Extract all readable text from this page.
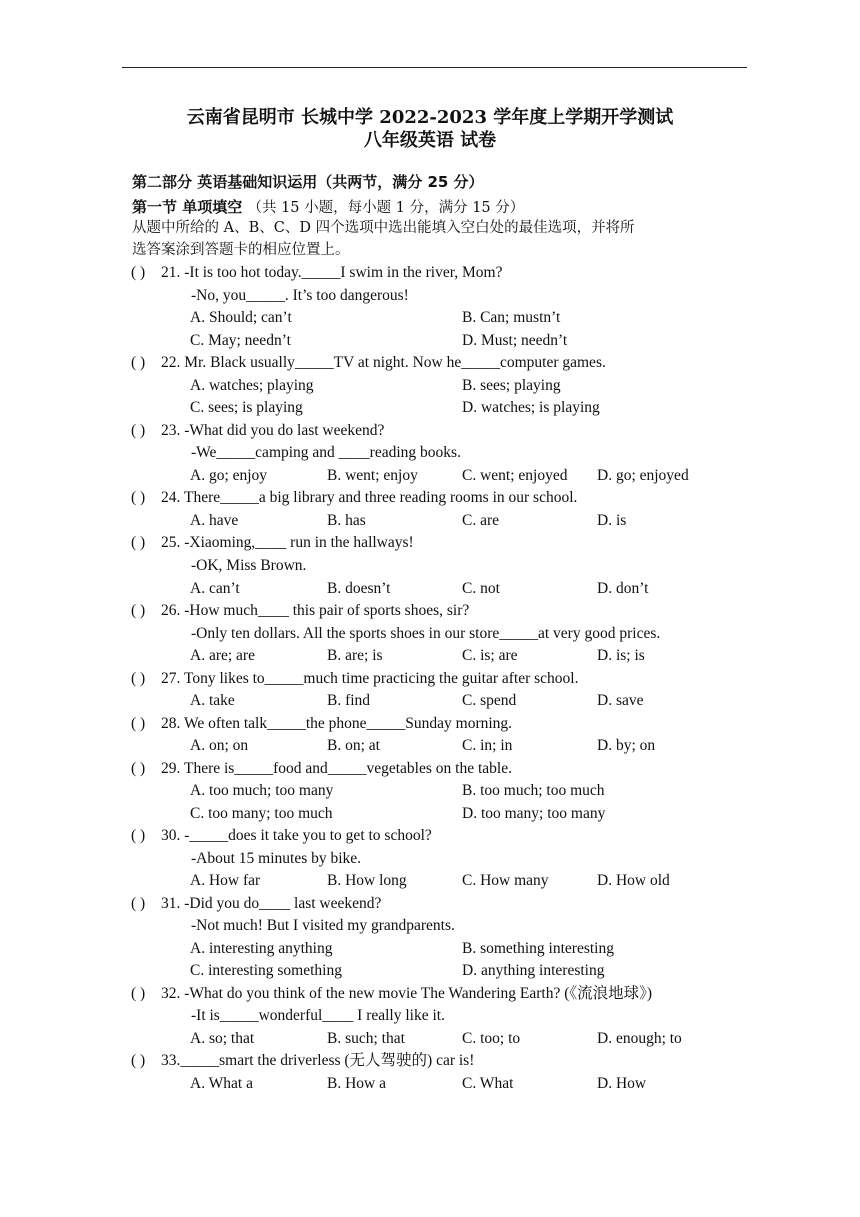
云南省昆明市 长城中学 2022-2023 学年度上学期开学测试
八年级英语 试卷
第二部分 英语基础知识运用（共两节，满分 25 分）
第一节 单项填空 （共 15 小题，每小题 1 分，满分 15 分）
从题中所给的 A、B、C、D 四个选项中选出能填入空白处的最佳选项，并将所
选答案涂到答题卡的相应位置上。
( ) 21. -It is too hot today._____I swim in the river, Mom?
-No, you_____. It’s too dangerous!
A. Should; can’t	B. Can; mustn’t
C. May; needn’t	D. Must; needn’t
( ) 22. Mr. Black usually_____TV at night. Now he_____computer games.
A. watches; playing	B. sees; playing
C. sees; is playing	D. watches; is playing
( ) 23. -What did you do last weekend?
-We_____camping and ____reading books.
A. go; enjoy	B. went; enjoy	C. went; enjoyed D. go; enjoyed
( ) 24. There_____a big library and three reading rooms in our school.
A. have	B. has	C. are	D. is
( ) 25. -Xiaoming,____ run in the hallways!
-OK, Miss Brown.
A. can’t	B. doesn’t	C. not	D. don’t
( ) 26. -How much____ this pair of sports shoes, sir?
-Only ten dollars. All the sports shoes in our store_____at very good prices.
A. are; are	B. are; is	C. is; are	D. is; is
( ) 27. Tony likes to_____much time practicing the guitar after school.
A. take	B. find	C. spend	D. save
( ) 28. We often talk_____the phone_____Sunday morning.
A. on; on	B. on; at	C. in; in	D. by; on
( ) 29. There is_____food and_____vegetables on the table.
A. too much; too many	B. too much; too much
C. too many; too much	D. too many; too many
( ) 30. -_____does it take you to get to school?
-About 15 minutes by bike.
A. How far	B. How long	C. How many	D. How old
( ) 31. -Did you do____ last weekend?
-Not much! But I visited my grandparents.
A. interesting anything	B. something interesting
C. interesting something	D. anything interesting
( ) 32. -What do you think of the new movie The Wandering Earth? (《流浪地球》)
-It is_____wonderful____ I really like it.
A. so; that	B. such; that	C. too; to	D. enough; to
( ) 33._____smart the driverless (无人驾驶的) car is!
A. What a	B. How a	C. What	D. How
